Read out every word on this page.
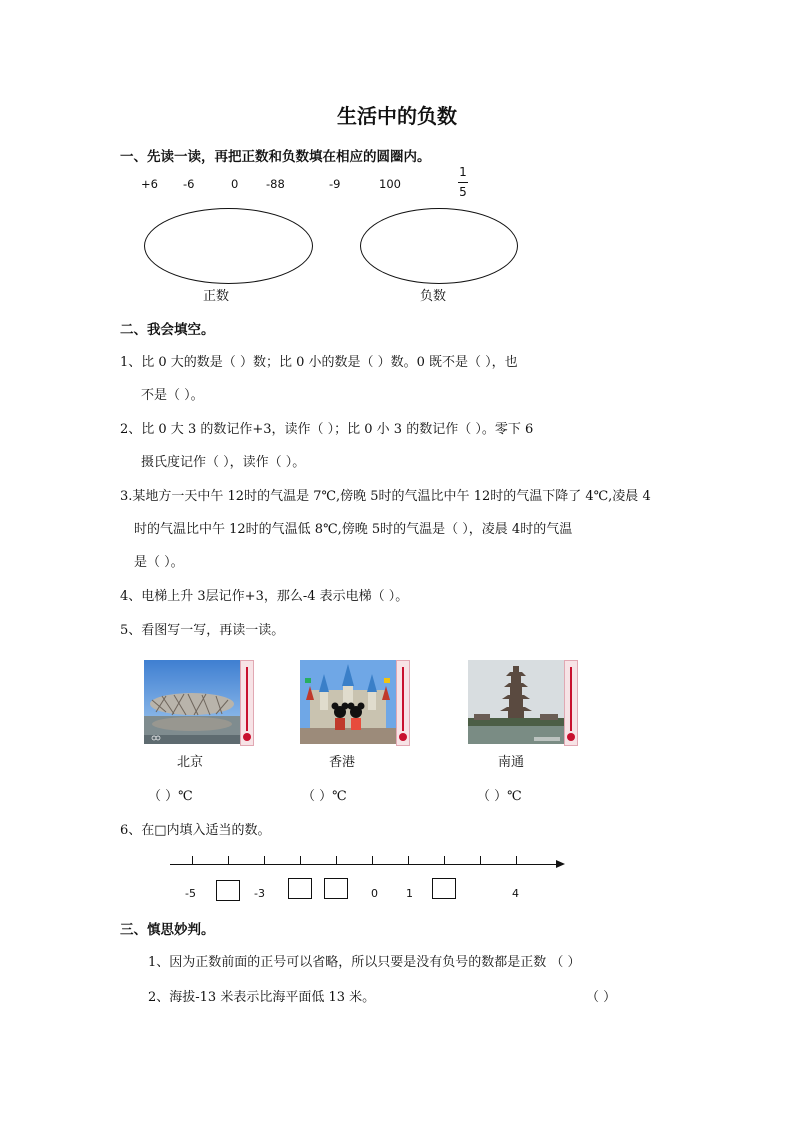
生活中的负数
一、先读一读，再把正数和负数填在相应的圆圈内。
+6 -6	0 -88	-9	100
1
5
正数	负数
二、我会填空。
1、比 0 大的数是（ ）数；比 0 小的数是（ ）数。0 既不是（ ），也
不是（ ）。
2、比 0 大 3 的数记作+3，读作（ ）；比 0 小 3 的数记作（ ）。零下 6
摄氏度记作（ ），读作（ ）。
3.某地方一天中午 12时的气温是 7℃,傍晚 5时的气温比中午 12时的气温下降了 4℃,凌晨 4
时的气温比中午 12时的气温低 8℃,傍晚 5时的气温是（ ），凌晨 4时的气温
是（ ）。
4、电梯上升 3层记作+3，那么-4 表示电梯（ ）。
5、看图写一写，再读一读。
北京	香港	南通
（ ）℃	（ ）℃	（ ）℃
6、在□内填入适当的数。
-5	-3	0	1	4
三、慎思妙判。
1、因为正数前面的正号可以省略，所以只要是没有负号的数都是正数 （ ）
2、海拔-13 米表示比海平面低 13 米。	（ ）
